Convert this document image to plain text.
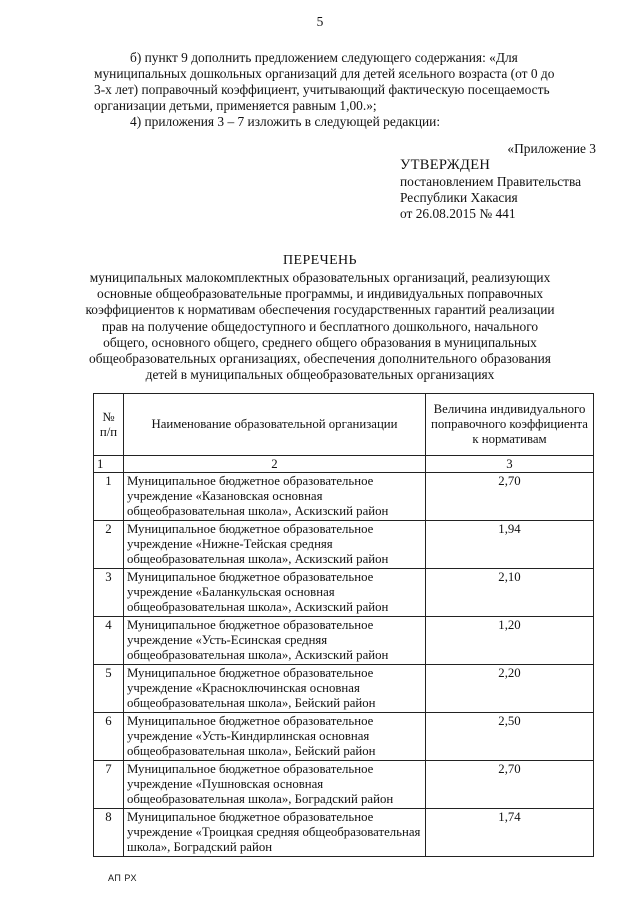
5
б) пункт 9 дополнить предложением следующего содержания: «Для
муниципальных дошкольных организаций для детей ясельного возраста (от 0 до
3-х лет) поправочный коэффициент, учитывающий фактическую посещаемость
организации детьми, применяется равным 1,00.»;
4) приложения 3 – 7 изложить в следующей редакции:
«Приложение 3
УТВЕРЖДЕН
постановлением Правительства
Республики Хакасия
от 26.08.2015 № 441
ПЕРЕЧЕНЬ
муниципальных малокомплектных образовательных организаций, реализующих
основные общеобразовательные программы, и индивидуальных поправочных
коэффициентов к нормативам обеспечения государственных гарантий реализации
прав на получение общедоступного и бесплатного дошкольного, начального
общего, основного общего, среднего общего образования в муниципальных
общеобразовательных организациях, обеспечения дополнительного образования
детей в муниципальных общеобразовательных организациях
№ п/п	Наименование образовательной организации	Величина индивидуального поправочного коэффициента к нормативам
1	2	3
1	Муниципальное бюджетное образовательное учреждение «Казановская основная общеобразовательная школа», Аскизский район	2,70
2	Муниципальное бюджетное образовательное учреждение «Нижне-Тейская средняя общеобразовательная школа», Аскизский район	1,94
3	Муниципальное бюджетное образовательное учреждение «Баланкульская основная общеобразовательная школа», Аскизский район	2,10
4	Муниципальное бюджетное образовательное учреждение «Усть-Есинская средняя общеобразовательная школа», Аскизский район	1,20
5	Муниципальное бюджетное образовательное учреждение «Красноключинская основная общеобразовательная школа», Бейский район	2,20
6	Муниципальное бюджетное образовательное учреждение «Усть-Киндирлинская основная общеобразовательная школа», Бейский район	2,50
7	Муниципальное бюджетное образовательное учреждение «Пушновская основная общеобразовательная школа», Боградский район	2,70
8	Муниципальное бюджетное образовательное учреждение «Троицкая средняя общеобразовательная школа», Боградский район	1,74
АП РХ
